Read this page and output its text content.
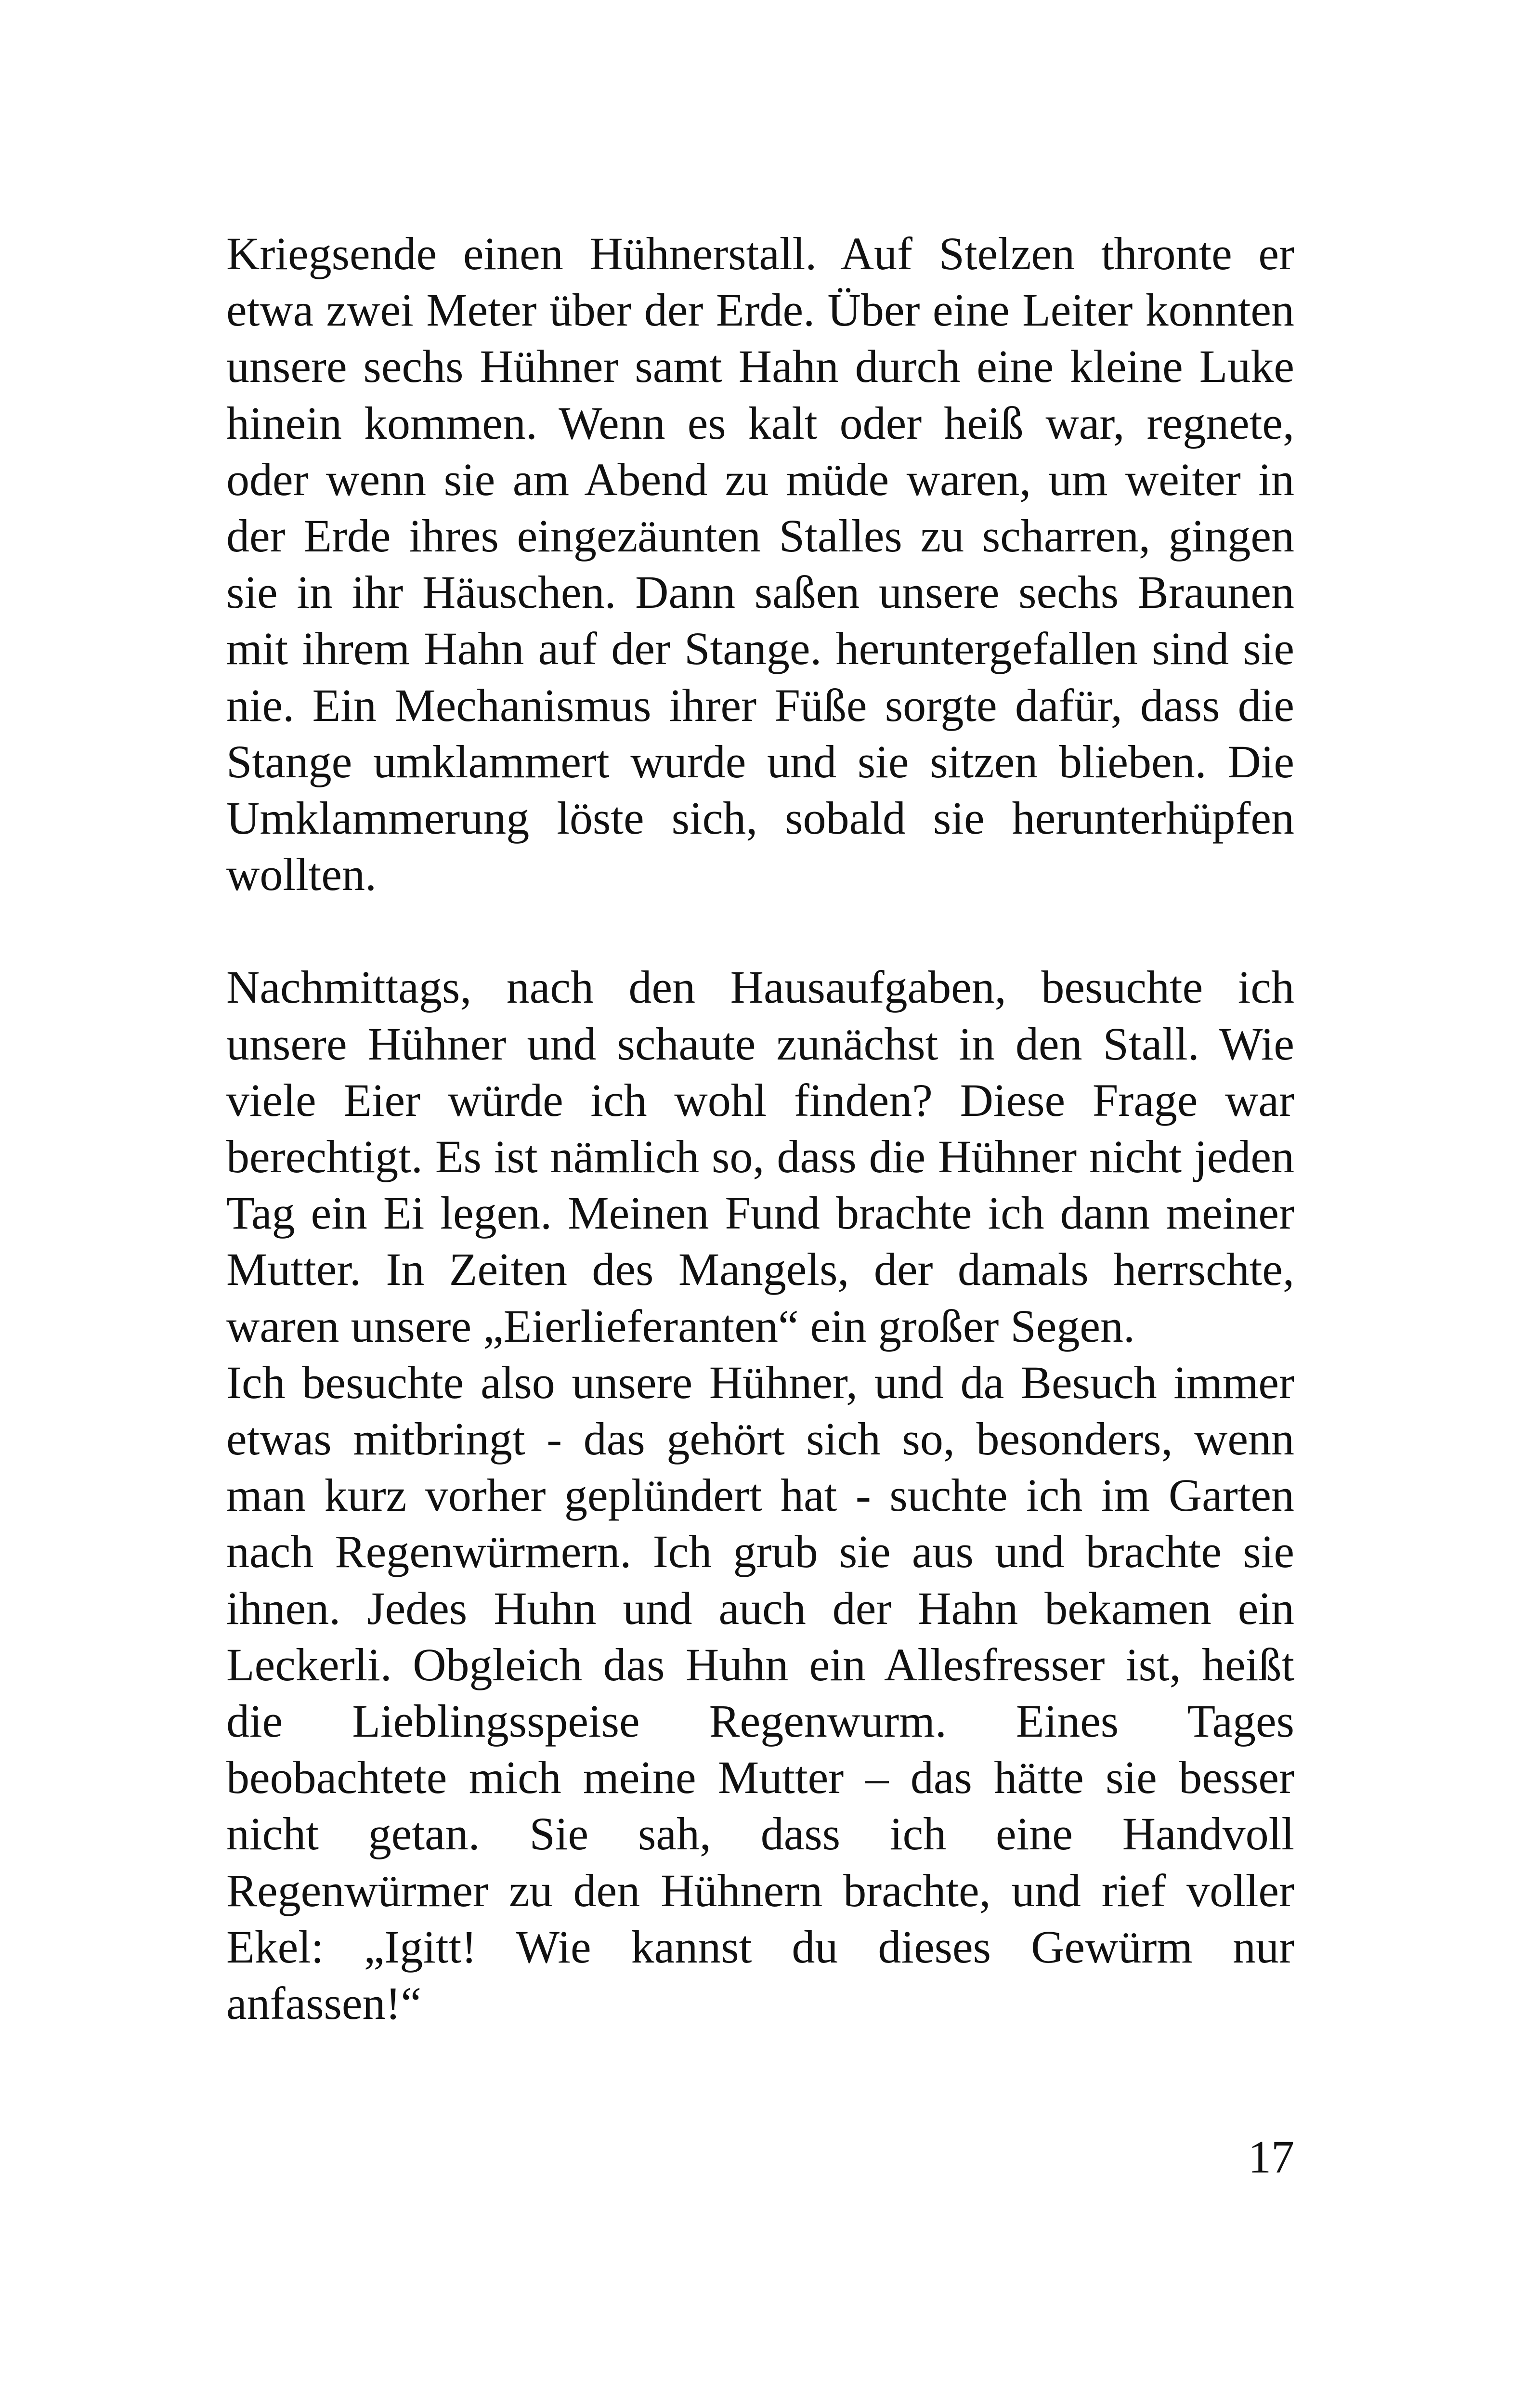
Kriegsende einen Hühnerstall. Auf Stelzen thronte er etwa zwei Meter über der Erde. Über eine Leiter konnten unsere sechs Hühner samt Hahn durch eine kleine Luke hinein kommen. Wenn es kalt oder heiß war, regnete, oder wenn sie am Abend zu müde waren, um weiter in der Erde ihres eingezäunten Stalles zu scharren, gingen sie in ihr Häuschen. Dann saßen unsere sechs Braunen mit ihrem Hahn auf der Stange. heruntergefallen sind sie nie. Ein Mechanismus ihrer Füße sorgte dafür, dass die Stange umklammert wurde und sie sitzen blieben. Die Umklammerung löste sich, sobald sie herunterhüpfen wollten.

Nachmittags, nach den Hausaufgaben, besuchte ich unsere Hühner und schaute zunächst in den Stall. Wie viele Eier würde ich wohl finden? Diese Frage war berechtigt. Es ist nämlich so, dass die Hühner nicht jeden Tag ein Ei legen. Meinen Fund brachte ich dann meiner Mutter. In Zeiten des Mangels, der damals herrschte, waren unsere „Eierlieferanten“ ein großer Segen.

Ich besuchte also unsere Hühner, und da Besuch immer etwas mitbringt - das gehört sich so, besonders, wenn man kurz vorher geplündert hat - suchte ich im Garten nach Regenwürmern. Ich grub sie aus und brachte sie ihnen. Jedes Huhn und auch der Hahn bekamen ein Leckerli. Obgleich das Huhn ein Allesfresser ist, heißt die Lieblingsspeise Regenwurm. Eines Tages beobachtete mich meine Mutter – das hätte sie besser nicht getan. Sie sah, dass ich eine Handvoll Regenwürmer zu den Hühnern brachte, und rief voller Ekel: „Igitt! Wie kannst du dieses Gewürm nur anfassen!“

17
